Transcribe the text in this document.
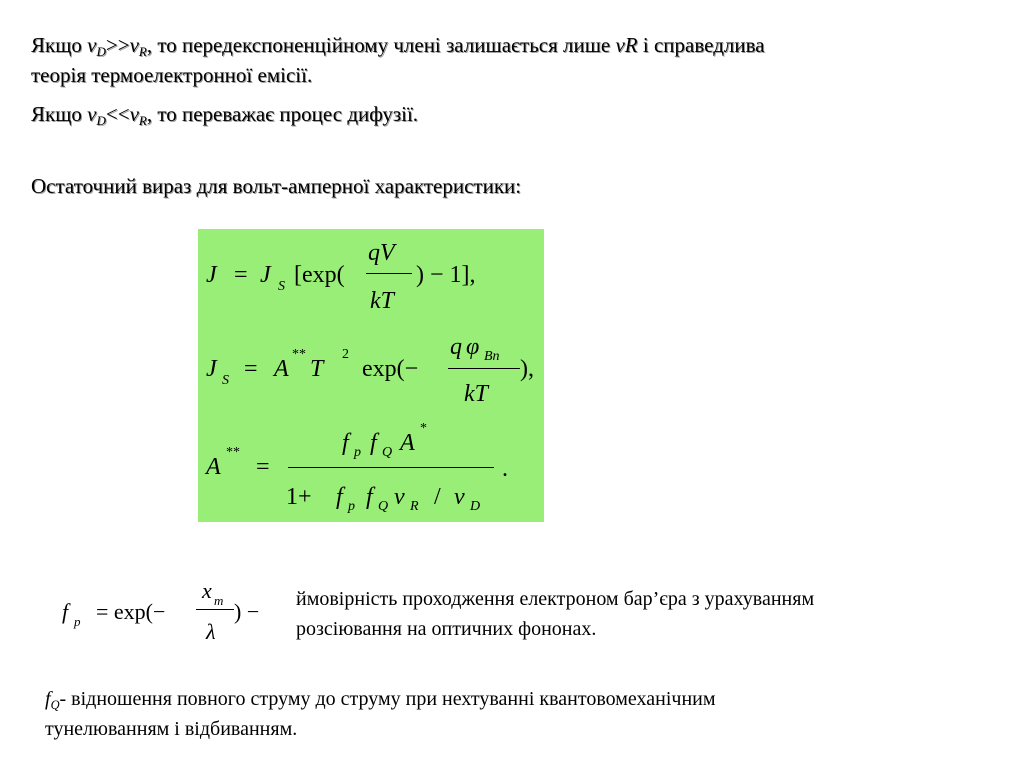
Якщо $v_D>>v_R$, то передекспоненційному члені залишається лише vR і справедлива
теорія термоелектронної емісії.
Якщо $v_D<<v_R$, то переважає процес дифузії.
Остаточний вираз для вольт-амперної характеристики:
J = J S [exp(
qV
kT
) − 1],
J S = A
**
T
2
exp(−
q φ Bn
kT
),
A
**
=
f p f Q A
*
1+ f p f Q v R / v D
.
f p = exp(−
x m
λ
) − ймовірність проходження електроном бар’єра з урахуванням
розсіювання на оптичних фононах.
$f_Q-$ відношення повного струму до струму при нехтуванні квантовомеханічним
тунелюванням і відбиванням.
